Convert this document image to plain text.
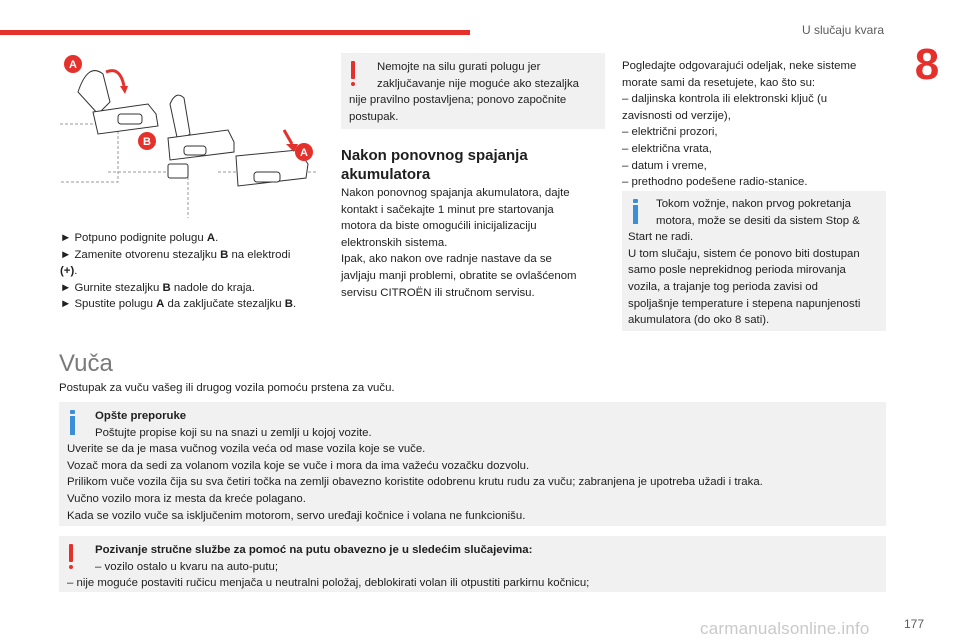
U slučaju kvara
8
A
B
A
► Potpuno podignite polugu A.
► Zamenite otvorenu stezaljku B na elektrodi
(+).
► Gurnite stezaljku B nadole do kraja.
► Spustite polugu A da zaključate stezaljku B.
Nemojte na silu gurati polugu jer
zaključavanje nije moguće ako stezaljka
nije pravilno postavljena; ponovo započnite
postupak.
Nakon ponovnog spajanja
akumulatora
Nakon ponovnog spajanja akumulatora, dajte
kontakt i sačekajte 1 minut pre startovanja
motora da biste omogućili inicijalizaciju
elektronskih sistema.
Ipak, ako nakon ove radnje nastave da se
javljaju manji problemi, obratite se ovlašćenom
servisu CITROËN ili stručnom servisu.
Pogledajte odgovarajući odeljak, neke sisteme
morate sami da resetujete, kao što su:
– daljinska kontrola ili elektronski ključ (u
zavisnosti od verzije),
– električni prozori,
– električna vrata,
– datum i vreme,
– prethodno podešene radio-stanice.
Tokom vožnje, nakon prvog pokretanja
motora, može se desiti da sistem Stop &
Start ne radi.
U tom slučaju, sistem će ponovo biti dostupan
samo posle neprekidnog perioda mirovanja
vozila, a trajanje tog perioda zavisi od
spoljašnje temperature i stepena napunjenosti
akumulatora (do oko 8 sati).
Vuča
Postupak za vuču vašeg ili drugog vozila pomoću prstena za vuču.
Opšte preporuke
Poštujte propise koji su na snazi u zemlji u kojoj vozite.
Uverite se da je masa vučnog vozila veća od mase vozila koje se vuče.
Vozač mora da sedi za volanom vozila koje se vuče i mora da ima važeću vozačku dozvolu.
Prilikom vuče vozila čija su sva četiri točka na zemlji obavezno koristite odobrenu krutu rudu za vuču; zabranjena je upotreba užadi i traka.
Vučno vozilo mora iz mesta da kreće polagano.
Kada se vozilo vuče sa isključenim motorom, servo uređaji kočnice i volana ne funkcionišu.
Pozivanje stručne službe za pomoć na putu obavezno je u sledećim slučajevima:
– vozilo ostalo u kvaru na auto-putu;
– nije moguće postaviti ručicu menjača u neutralni položaj, deblokirati volan ili otpustiti parkirnu kočnicu;
carmanualsonline.info	177
